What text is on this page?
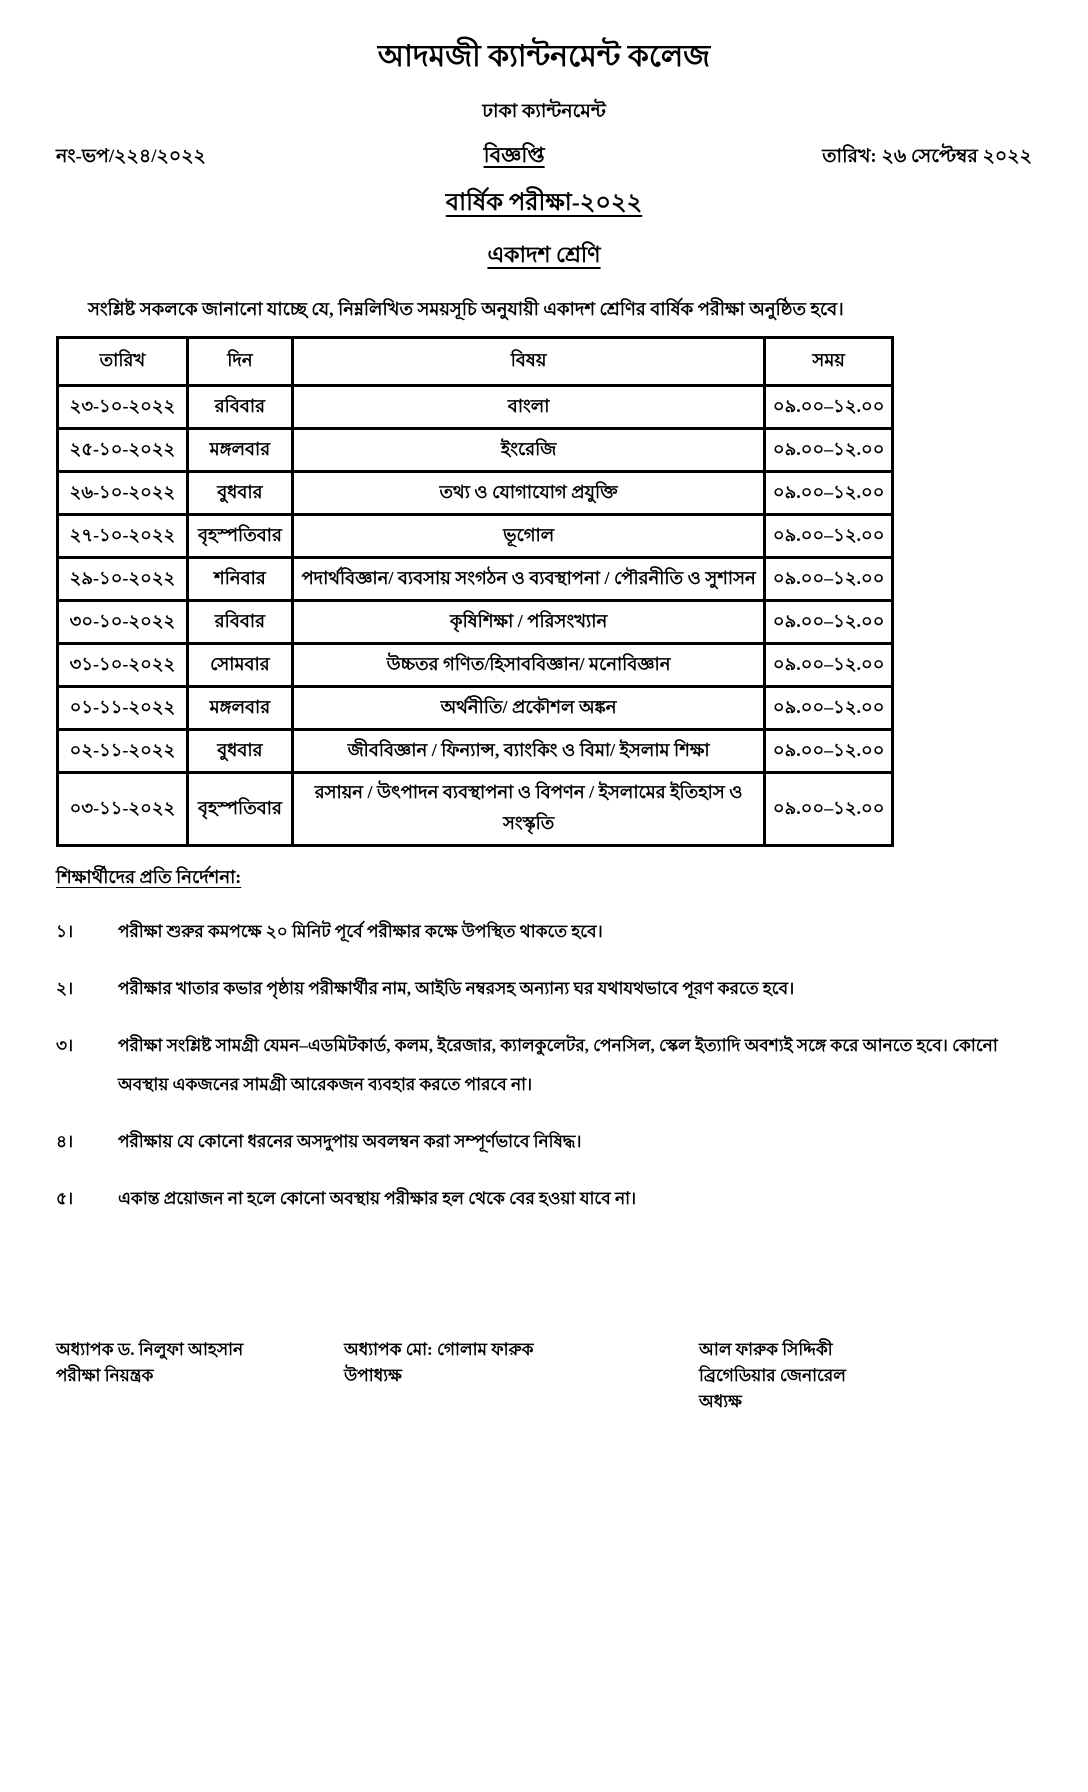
আদমজী ক্যান্টনমেন্ট কলেজ
ঢাকা ক্যান্টনমেন্ট
নং-ভপ/২২৪/২০২২	বিজ্ঞপ্তি	তারিখ: ২৬ সেপ্টেম্বর ২০২২
বার্ষিক পরীক্ষা-২০২২
একাদশ শ্রেণি
সংশ্লিষ্ট সকলকে জানানো যাচ্ছে যে, নিম্নলিখিত সময়সূচি অনুযায়ী একাদশ শ্রেণির বার্ষিক পরীক্ষা অনুষ্ঠিত হবে।
তারিখ	দিন	বিষয়	সময়
২৩-১০-২০২২	রবিবার	বাংলা	০৯.০০–১২.০০
২৫-১০-২০২২	মঙ্গলবার	ইংরেজি	০৯.০০–১২.০০
২৬-১০-২০২২	বুধবার	তথ্য ও যোগাযোগ প্রযুক্তি	০৯.০০–১২.০০
২৭-১০-২০২২	বৃহস্পতিবার	ভূগোল	০৯.০০–১২.০০
২৯-১০-২০২২	শনিবার	পদার্থবিজ্ঞান/ ব্যবসায় সংগঠন ও ব্যবস্থাপনা / পৌরনীতি ও সুশাসন	০৯.০০–১২.০০
৩০-১০-২০২২	রবিবার	কৃষিশিক্ষা / পরিসংখ্যান	০৯.০০–১২.০০
৩১-১০-২০২২	সোমবার	উচ্চতর গণিত/হিসাববিজ্ঞান/ মনোবিজ্ঞান	০৯.০০–১২.০০
০১-১১-২০২২	মঙ্গলবার	অর্থনীতি/ প্রকৌশল অঙ্কন	০৯.০০–১২.০০
০২-১১-২০২২	বুধবার	জীববিজ্ঞান / ফিন্যান্স, ব্যাংকিং ও বিমা/ ইসলাম শিক্ষা	০৯.০০–১২.০০
০৩-১১-২০২২	বৃহস্পতিবার	রসায়ন / উৎপাদন ব্যবস্থাপনা ও বিপণন / ইসলামের ইতিহাস ও সংস্কৃতি	০৯.০০–১২.০০
শিক্ষার্থীদের প্রতি নির্দেশনা:
১।	পরীক্ষা শুরুর কমপক্ষে ২০ মিনিট পূর্বে পরীক্ষার কক্ষে উপস্থিত থাকতে হবে।
২।	পরীক্ষার খাতার কভার পৃষ্ঠায় পরীক্ষার্থীর নাম, আইডি নম্বরসহ অন্যান্য ঘর যথাযথভাবে পূরণ করতে হবে।
৩।	পরীক্ষা সংশ্লিষ্ট সামগ্রী যেমন–এডমিটকার্ড, কলম, ইরেজার, ক্যালকুলেটর, পেনসিল, স্কেল ইত্যাদি অবশ্যই সঙ্গে করে আনতে হবে। কোনো অবস্থায় একজনের সামগ্রী আরেকজন ব্যবহার করতে পারবে না।
৪।	পরীক্ষায় যে কোনো ধরনের অসদুপায় অবলম্বন করা সম্পূর্ণভাবে নিষিদ্ধ।
৫।	একান্ত প্রয়োজন না হলে কোনো অবস্থায় পরীক্ষার হল থেকে বের হওয়া যাবে না।
অধ্যাপক ড. নিলুফা আহসান
পরীক্ষা নিয়ন্ত্রক
অধ্যাপক মো: গোলাম ফারুক
উপাধ্যক্ষ
আল ফারুক সিদ্দিকী
ব্রিগেডিয়ার জেনারেল
অধ্যক্ষ
